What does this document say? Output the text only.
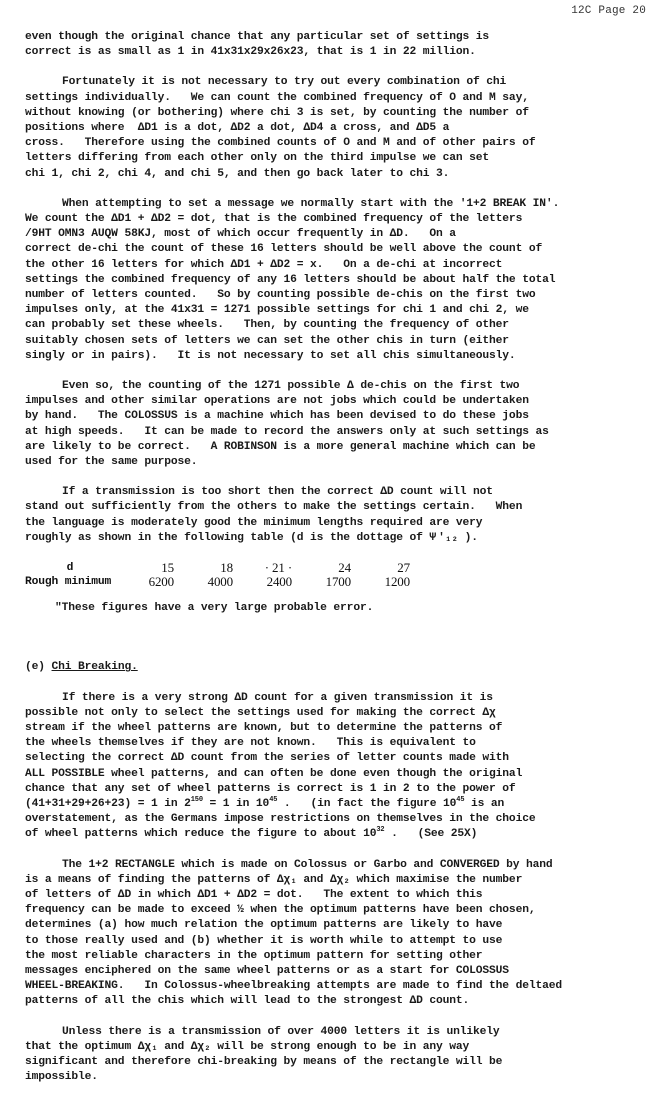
12C Page 20
even though the original chance that any particular set of settings is
correct is as small as 1 in 41x31x29x26x23, that is 1 in 22 million.
Fortunately it is not necessary to try out every combination of chi
settings individually.   We can count the combined frequency of O and M say,
without knowing (or bothering) where chi 3 is set, by counting the number of
positions where  ΔD1 is a dot, ΔD2 a dot, ΔD4 a cross, and ΔD5 a
cross.   Therefore using the combined counts of O and M and of other pairs of
letters differing from each other only on the third impulse we can set
chi 1, chi 2, chi 4, and chi 5, and then go back later to chi 3.
When attempting to set a message we normally start with the '1+2 BREAK IN'.
We count the ΔD1 + ΔD2 = dot, that is the combined frequency of the letters
/9HT OMN3 AUQW 58KJ, most of which occur frequently in ΔD.   On a
correct de-chi the count of these 16 letters should be well above the count of
the other 16 letters for which ΔD1 + ΔD2 = x.   On a de-chi at incorrect
settings the combined frequency of any 16 letters should be about half the total
number of letters counted.   So by counting possible de-chis on the first two
impulses only, at the 41x31 = 1271 possible settings for chi 1 and chi 2, we
can probably set these wheels.   Then, by counting the frequency of other
suitably chosen sets of letters we can set the other chis in turn (either
singly or in pairs).   It is not necessary to set all chis simultaneously.
Even so, the counting of the 1271 possible Δ de-chis on the first two
impulses and other similar operations are not jobs which could be undertaken
by hand.   The COLOSSUS is a machine which has been devised to do these jobs
at high speeds.   It can be made to record the answers only at such settings as
are likely to be correct.   A ROBINSON is a more general machine which can be
used for the same purpose.
If a transmission is too short then the correct ΔD count will not
stand out sufficiently from the others to make the settings certain.   When
the language is moderately good the minimum lengths required are very
roughly as shown in the following table (d is the dottage of Ψ ′₁₂ ).
d	15	18	· 21 ·	24	27
Rough minimum	6200	4000	2400	1700	1200
″These figures have a very large probable error.
(e) Chi Breaking.
If there is a very strong ΔD count for a given transmission it is
possible not only to select the settings used for making the correct Δχ
stream if the wheel patterns are known, but to determine the patterns of
the wheels themselves if they are not known.   This is equivalent to
selecting the correct ΔD count from the series of letter counts made with
ALL POSSIBLE wheel patterns, and can often be done even though the original
chance that any set of wheel patterns is correct is 1 in 2 to the power of
(41+31+29+26+23) = 1 in $2^{150} = 1$ in $10^{45}$ .   (in fact the figure $10^{45}$ is an
overstatement, as the Germans impose restrictions on themselves in the choice
of wheel patterns which reduce the figure to about $10^{32}$ .   (See 25X)
The 1+2 RECTANGLE which is made on Colossus or Garbo and CONVERGED by hand
is a means of finding the patterns of Δχ₁ and Δχ₂ which maximise the number
of letters of ΔD in which ΔD1 + ΔD2 = dot.   The extent to which this
frequency can be made to exceed ½ when the optimum patterns have been chosen,
determines (a) how much relation the optimum patterns are likely to have
to those really used and (b) whether it is worth while to attempt to use
the most reliable characters in the optimum pattern for setting other
messages enciphered on the same wheel patterns or as a start for COLOSSUS
WHEEL-BREAKING.   In Colossus-wheelbreaking attempts are made to find the deltaed
patterns of all the chis which will lead to the strongest ΔD count.
Unless there is a transmission of over 4000 letters it is unlikely
that the optimum Δχ₁ and Δχ₂ will be strong enough to be in any way
significant and therefore chi-breaking by means of the rectangle will be
impossible.
